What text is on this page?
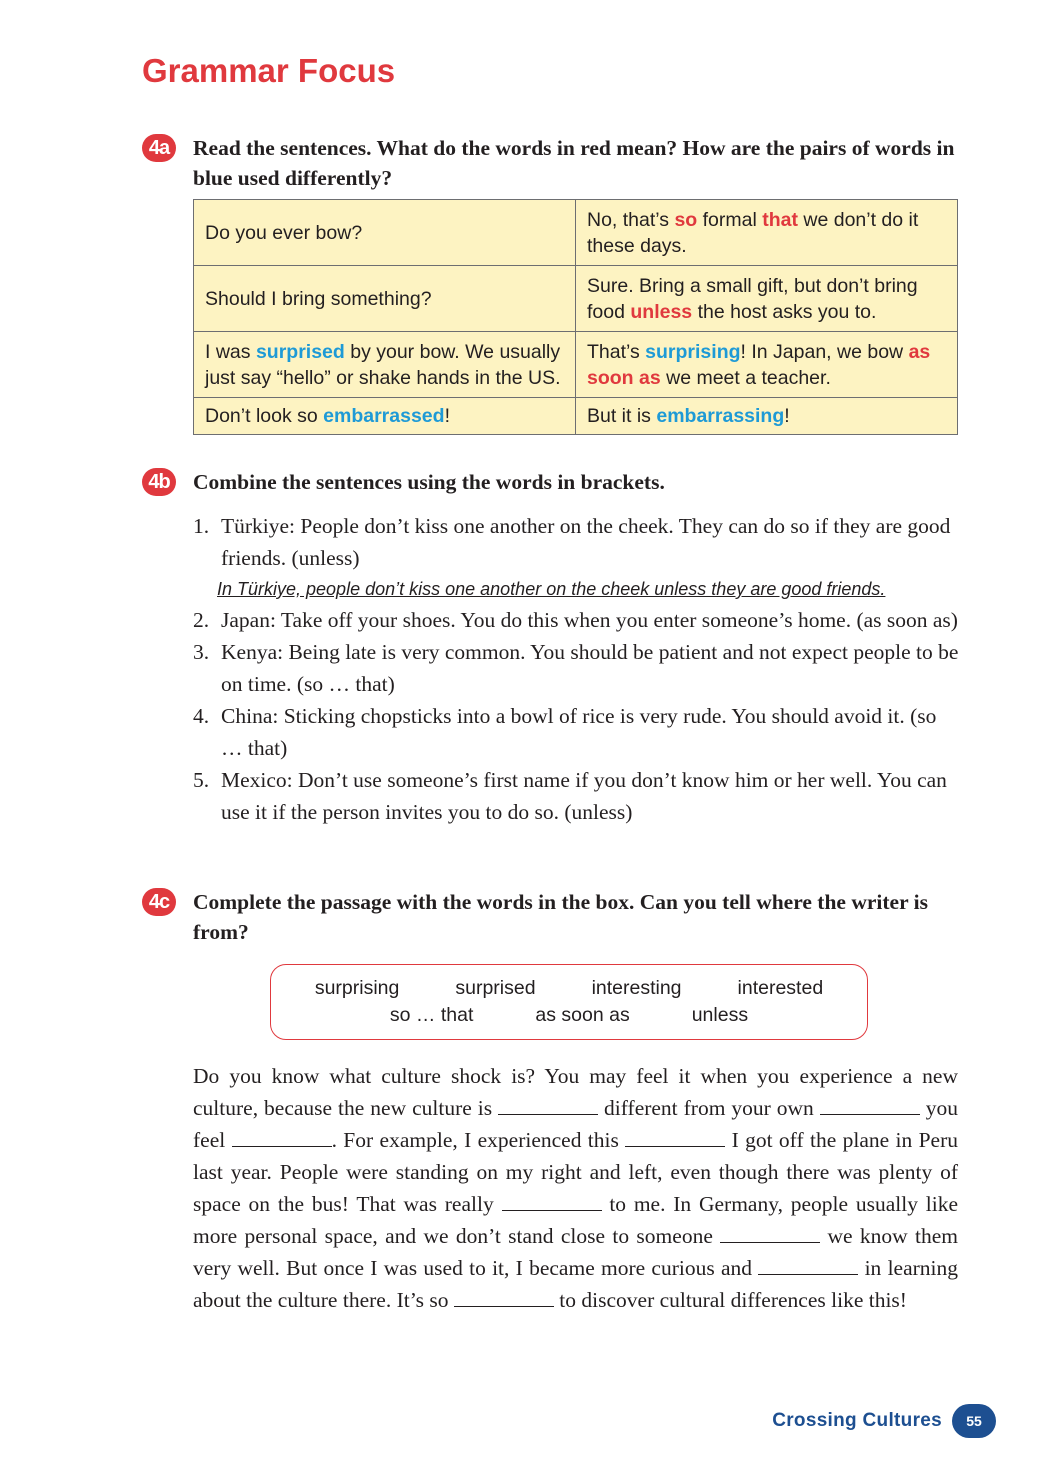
Grammar Focus
4a	Read the sentences. What do the words in red mean? How are the pairs of words in blue used differently?

Do you ever bow?	No, that’s so formal that we don’t do it these days.
Should I bring something?	Sure. Bring a small gift, but don’t bring food unless the host asks you to.
I was surprised by your bow. We usually just say “hello” or shake hands in the US.	That’s surprising! In Japan, we bow as soon as we meet a teacher.
Don’t look so embarrassed!	But it is embarrassing!
4b Combine the sentences using the words in brackets.

1. Türkiye: People don’t kiss one another on the cheek. They can do so if they are good friends. (unless)
In Türkiye, people don’t kiss one another on the cheek unless they are good friends.
2. Japan: Take off your shoes. You do this when you enter someone’s home. (as soon as)
3. Kenya: Being late is very common. You should be patient and not expect people to be on time. (so … that)
4. China: Sticking chopsticks into a bowl of rice is very rude. You should avoid it. (so … that)
5. Mexico: Don’t use someone’s first name if you don’t know him or her well. You can use it if the person invites you to do so. (unless)
4c	Complete the passage with the words in the box. Can you tell where the writer is from?

surprising	surprised	interesting	interested
so … that	as soon as	unless

Do you know what culture shock is? You may feel it when you experience a new culture, because the new culture is	different from your own	you feel	. For example, I experienced this	I got off the plane in Peru last year. People were standing on my right and left, even though there was plenty of space on the bus! That was really	to me. In Germany, people usually like more personal space, and we don’t stand close to someone	we know them very well. But once I was used to it, I became more curious and	in learning about the culture there. It’s so	to discover cultural differences like this!

Crossing Cultures	55
